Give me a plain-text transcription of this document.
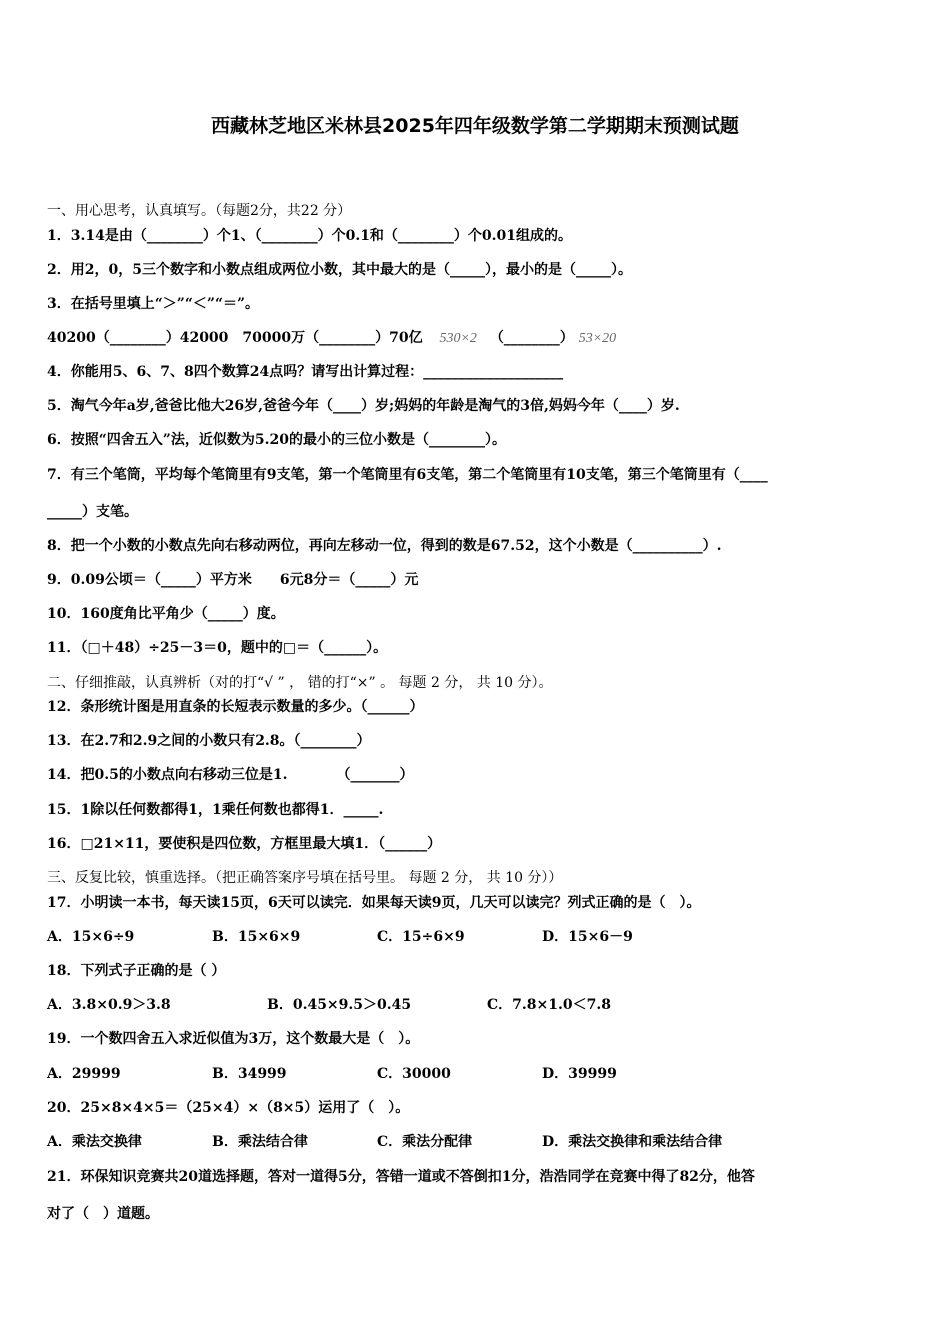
西藏林芝地区米林县2025年四年级数学第二学期期末预测试题
一、用心思考，认真填写。（每题2分，共22 分）
1．3.14是由（________）个1、（________）个0.1和（________）个0.01组成的。
2．用2，0，5三个数字和小数点组成两位小数，其中最大的是（_____），最小的是（_____）。
3．在括号里填上“＞”“＜”“＝”。
40200（________）42000　70000万（________）70亿 530×2 （________） 53×20
4．你能用5、6、7、8四个数算24点吗？请写出计算过程：____________________
5．淘气今年a岁,爸爸比他大26岁,爸爸今年（____）岁;妈妈的年龄是淘气的3倍,妈妈今年（____）岁.
6．按照“四舍五入”法，近似数为5.20的最小的三位小数是（________）。
7．有三个笔筒，平均每个笔筒里有9支笔，第一个笔筒里有6支笔，第二个笔筒里有10支笔，第三个笔筒里有（____
_____）支笔。
8．把一个小数的小数点先向右移动两位，再向左移动一位，得到的数是67.52，这个小数是（__________）.
9．0.09公顷＝（_____）平方米　　6元8分＝（_____）元
10．160度角比平角少（_____）度。
11．（□＋48）÷25－3＝0，题中的□＝（______）。
二、仔细推敲，认真辨析（对的打“√ ” ， 错的打“×” 。 每题 2 分， 共 10 分）。
12．条形统计图是用直条的长短表示数量的多少。（______）
13．在2.7和2.9之间的小数只有2.8。（________）
14．把0.5的小数点向右移动三位是1.　　　　（_______）
15．1除以任何数都得1，1乘任何数也都得1．_____.
16．□21×11，要使积是四位数，方框里最大填1．（______）
三、反复比较，慎重选择。（把正确答案序号填在括号里。 每题 2 分， 共 10 分））
17．小明读一本书，每天读15页，6天可以读完．如果每天读9页，几天可以读完？列式正确的是（　）。
A．15×6÷9	B．15×6×9	C．15÷6×9	D．15×6－9
18．下列式子正确的是（ ）
A．3.8×0.9＞3.8	B．0.45×9.5＞0.45	C．7.8×1.0＜7.8
19．一个数四舍五入求近似值为3万，这个数最大是（　）。
A．29999	B．34999	C．30000	D．39999
20．25×8×4×5＝（25×4）×（8×5）运用了（　）。
A．乘法交换律	B．乘法结合律	C．乘法分配律	D．乘法交换律和乘法结合律
21．环保知识竞赛共20道选择题，答对一道得5分，答错一道或不答倒扣1分，浩浩同学在竞赛中得了82分，他答
对了（　）道题。
